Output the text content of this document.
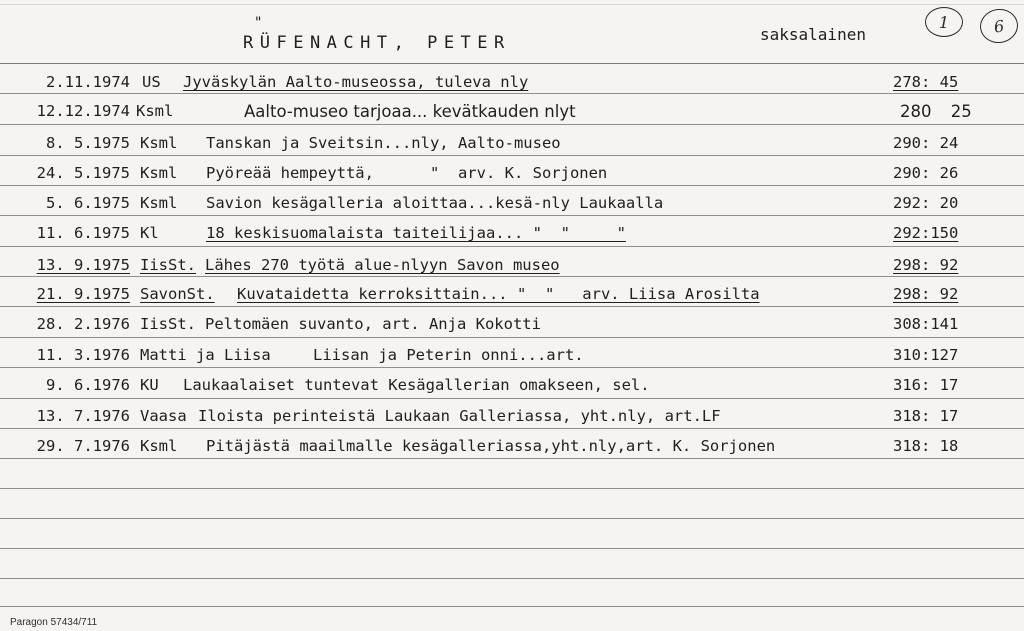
"
RÜFENACHT, PETER	saksalainen
1	6
2.11.1974 US Jyväskylän Aalto-museossa, tuleva nly	278: 45
12.12.1974 Ksml	Aalto-museo tarjoaa... kevätkauden nlyt	280 25
8. 5.1975 Ksml Tanskan ja Sveitsin...nly, Aalto-museo	290: 24
24. 5.1975 Ksml Pyöreää hempeyttä,      "  arv. K. Sorjonen	290: 26
5. 6.1975 Ksml Savion kesägalleria aloittaa...kesä-nly Laukaalla	292: 20
11. 6.1975 Kl	18 keskisuomalaista taiteilijaa... "  "     "	292:150
13. 9.1975 IisSt. Lähes 270 työtä alue-nlyyn Savon museo	298: 92
21. 9.1975 SavonSt. Kuvataidetta kerroksittain... "  "   arv. Liisa Arosilta	298: 92
28. 2.1976 IisSt. Peltomäen suvanto, art. Anja Kokotti	308:141
11. 3.1976 Matti ja Liisa	Liisan ja Peterin onni...art.	310:127
9. 6.1976 KU Laukaalaiset tuntevat Kesägallerian omakseen, sel.	316: 17
13. 7.1976 Vaasa Iloista perinteistä Laukaan Galleriassa, yht.nly, art.LF	318: 17
29. 7.1976 Ksml Pitäjästä maailmalle kesägalleriassa,yht.nly,art. K. Sorjonen	318: 18
Paragon 57434/711
